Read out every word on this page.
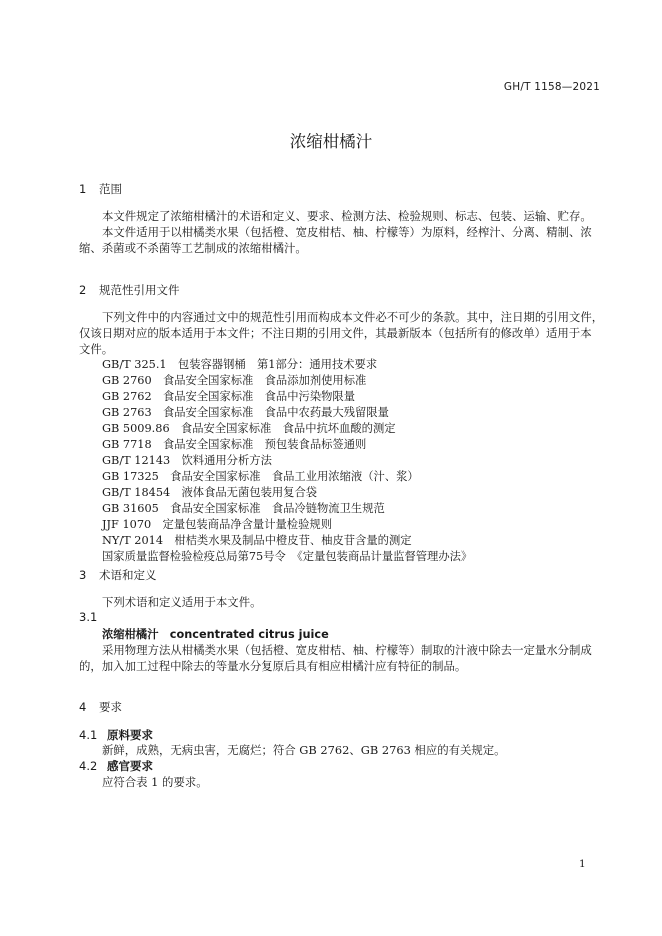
GH/T 1158—2021
浓缩柑橘汁
1 范围
本文件规定了浓缩柑橘汁的术语和定义、要求、检测方法、检验规则、标志、包装、运输、贮存。
本文件适用于以柑橘类水果（包括橙、宽皮柑桔、柚、柠檬等）为原料，经榨汁、分离、精制、浓
缩、杀菌或不杀菌等工艺制成的浓缩柑橘汁。
2 规范性引用文件
下列文件中的内容通过文中的规范性引用而构成本文件必不可少的条款。其中，注日期的引用文件，
仅该日期对应的版本适用于本文件；不注日期的引用文件，其最新版本（包括所有的修改单）适用于本
文件。
GB/T 325.1　包装容器钢桶　第1部分：通用技术要求
GB 2760　食品安全国家标准　食品添加剂使用标准
GB 2762　食品安全国家标准　食品中污染物限量
GB 2763　食品安全国家标准　食品中农药最大残留限量
GB 5009.86　食品安全国家标准　食品中抗坏血酸的测定
GB 7718　食品安全国家标准　预包装食品标签通则
GB/T 12143　饮料通用分析方法
GB 17325　食品安全国家标准　食品工业用浓缩液（汁、浆）
GB/T 18454　液体食品无菌包装用复合袋
GB 31605　食品安全国家标准　食品冷链物流卫生规范
JJF 1070　定量包装商品净含量计量检验规则
NY/T 2014　柑桔类水果及制品中橙皮苷、柚皮苷含量的测定
国家质量监督检验检疫总局第75号令　《定量包装商品计量监督管理办法》
3 术语和定义
下列术语和定义适用于本文件。
3.1
浓缩柑橘汁　concentrated citrus juice
采用物理方法从柑橘类水果（包括橙、宽皮柑桔、柚、柠檬等）制取的汁液中除去一定量水分制成
的，加入加工过程中除去的等量水分复原后具有相应柑橘汁应有特征的制品。
4 要求
4.1 原料要求
新鲜，成熟，无病虫害，无腐烂；符合 GB 2762、GB 2763 相应的有关规定。
4.2 感官要求
应符合表 1 的要求。
1
